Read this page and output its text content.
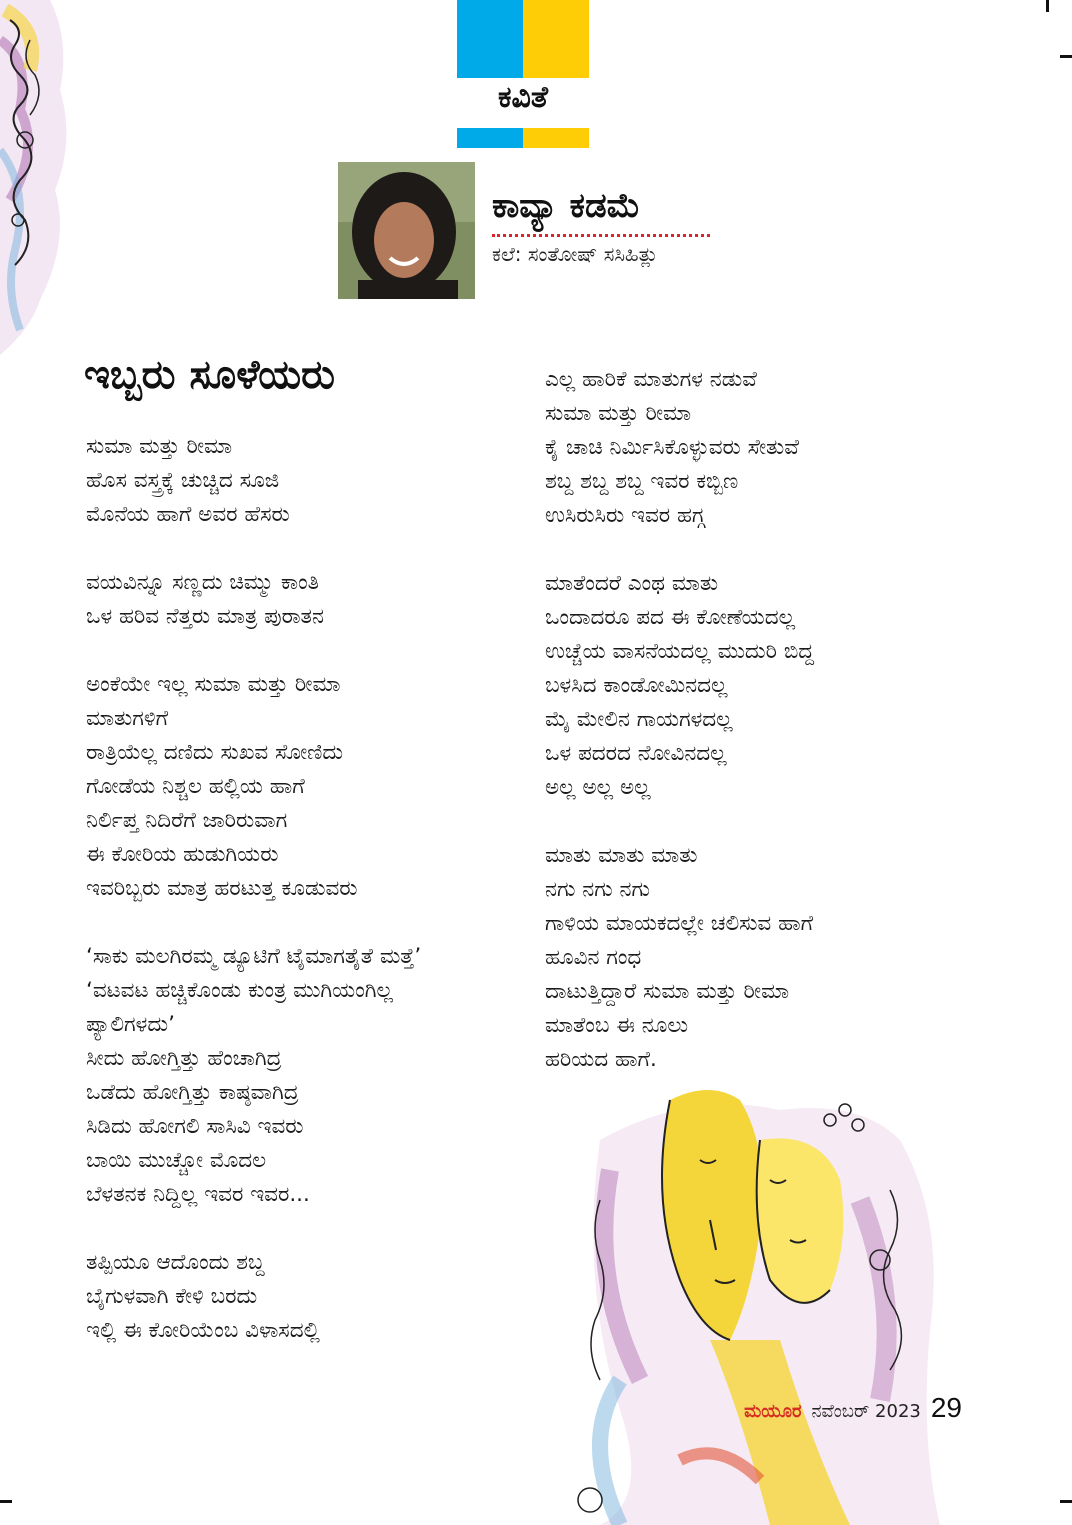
ಕವಿತೆ
ಕಾವ್ಯಾ ಕಡಮೆ
ಕಲೆ: ಸಂತೋಷ್ ಸಸಿಹಿತ್ಲು
ಇಬ್ಬರು ಸೂಳೆಯರು
ಸುಮಾ ಮತ್ತು ರೀಮಾ
ಹೊಸ ವಸ್ತ್ರಕ್ಕೆ ಚುಚ್ಚಿದ ಸೂಜಿ
ಮೊನೆಯ ಹಾಗೆ ಅವರ ಹೆಸರು
ವಯವಿನ್ನೂ ಸಣ್ಣದು ಚಿಮ್ಮು ಕಾಂತಿ
ಒಳ ಹರಿವ ನೆತ್ತರು ಮಾತ್ರ ಪುರಾತನ
ಅಂಕೆಯೇ ಇಲ್ಲ ಸುಮಾ ಮತ್ತು ರೀಮಾ
ಮಾತುಗಳಿಗೆ
ರಾತ್ರಿಯೆಲ್ಲ ದಣಿದು ಸುಖವ ಸೋಣಿದು
ಗೋಡೆಯ ನಿಶ್ಚಲ ಹಲ್ಲಿಯ ಹಾಗೆ
ನಿರ್ಲಿಪ್ತ ನಿದಿರೆಗೆ ಜಾರಿರುವಾಗ
ಈ ಕೋರಿಯ ಹುಡುಗಿಯರು
ಇವರಿಬ್ಬರು ಮಾತ್ರ ಹರಟುತ್ತ ಕೂಡುವರು
‘ಸಾಕು ಮಲಗಿರಮ್ಮ ಡ್ಯೂಟಿಗೆ ಟೈಮಾಗತೈತೆ ಮತ್ತೆ’
‘ವಟವಟ ಹಚ್ಚಿಕೊಂಡು ಕುಂತ್ರ ಮುಗಿಯಂಗಿಲ್ಲ
ಪ್ಯಾಲಿಗಳದು’
ಸೀದು ಹೋಗ್ತಿತ್ತು ಹೆಂಚಾಗಿದ್ರ
ಒಡೆದು ಹೋಗ್ತಿತ್ತು ಕಾಷ್ಠವಾಗಿದ್ರ
ಸಿಡಿದು ಹೋಗಲಿ ಸಾಸಿವಿ ಇವರು
ಬಾಯಿ ಮುಚ್ಚೋ ಮೊದಲ
ಬೆಳತನಕ ನಿದ್ದಿಲ್ಲ ಇವರ ಇವರ...
ತಪ್ಪಿಯೂ ಆದೊಂದು ಶಬ್ದ
ಬೈಗುಳವಾಗಿ ಕೇಳಿ ಬರದು
ಇಲ್ಲಿ ಈ ಕೋರಿಯೆಂಬ ವಿಳಾಸದಲ್ಲಿ
ಎಲ್ಲ ಹಾರಿಕೆ ಮಾತುಗಳ ನಡುವೆ
ಸುಮಾ ಮತ್ತು ರೀಮಾ
ಕೈ ಚಾಚಿ ನಿರ್ಮಿಸಿಕೊಳ್ಳುವರು ಸೇತುವೆ
ಶಬ್ದ ಶಬ್ದ ಶಬ್ದ ಇವರ ಕಬ್ಬಿಣ
ಉಸಿರುಸಿರು ಇವರ ಹಗ್ಗ
ಮಾತೆಂದರೆ ಎಂಥ ಮಾತು
ಒಂದಾದರೂ ಪದ ಈ ಕೋಣೆಯದಲ್ಲ
ಉಚ್ಚೆಯ ವಾಸನೆಯದಲ್ಲ ಮುದುರಿ ಬಿದ್ದ
ಬಳಸಿದ ಕಾಂಡೋಮಿನದಲ್ಲ
ಮೈ ಮೇಲಿನ ಗಾಯಗಳದಲ್ಲ
ಒಳ ಪದರದ ನೋವಿನದಲ್ಲ
ಅಲ್ಲ ಅಲ್ಲ ಅಲ್ಲ
ಮಾತು ಮಾತು ಮಾತು
ನಗು ನಗು ನಗು
ಗಾಳಿಯ ಮಾಯಕದಲ್ಲೇ ಚಲಿಸುವ ಹಾಗೆ
ಹೂವಿನ ಗಂಧ
ದಾಟುತ್ತಿದ್ದಾರೆ ಸುಮಾ ಮತ್ತು ರೀಮಾ
ಮಾತೆಂಬ ಈ ನೂಲು
ಹರಿಯದ ಹಾಗೆ.
ಮಯೂರ ನವೆಂಬರ್ 2023 29
